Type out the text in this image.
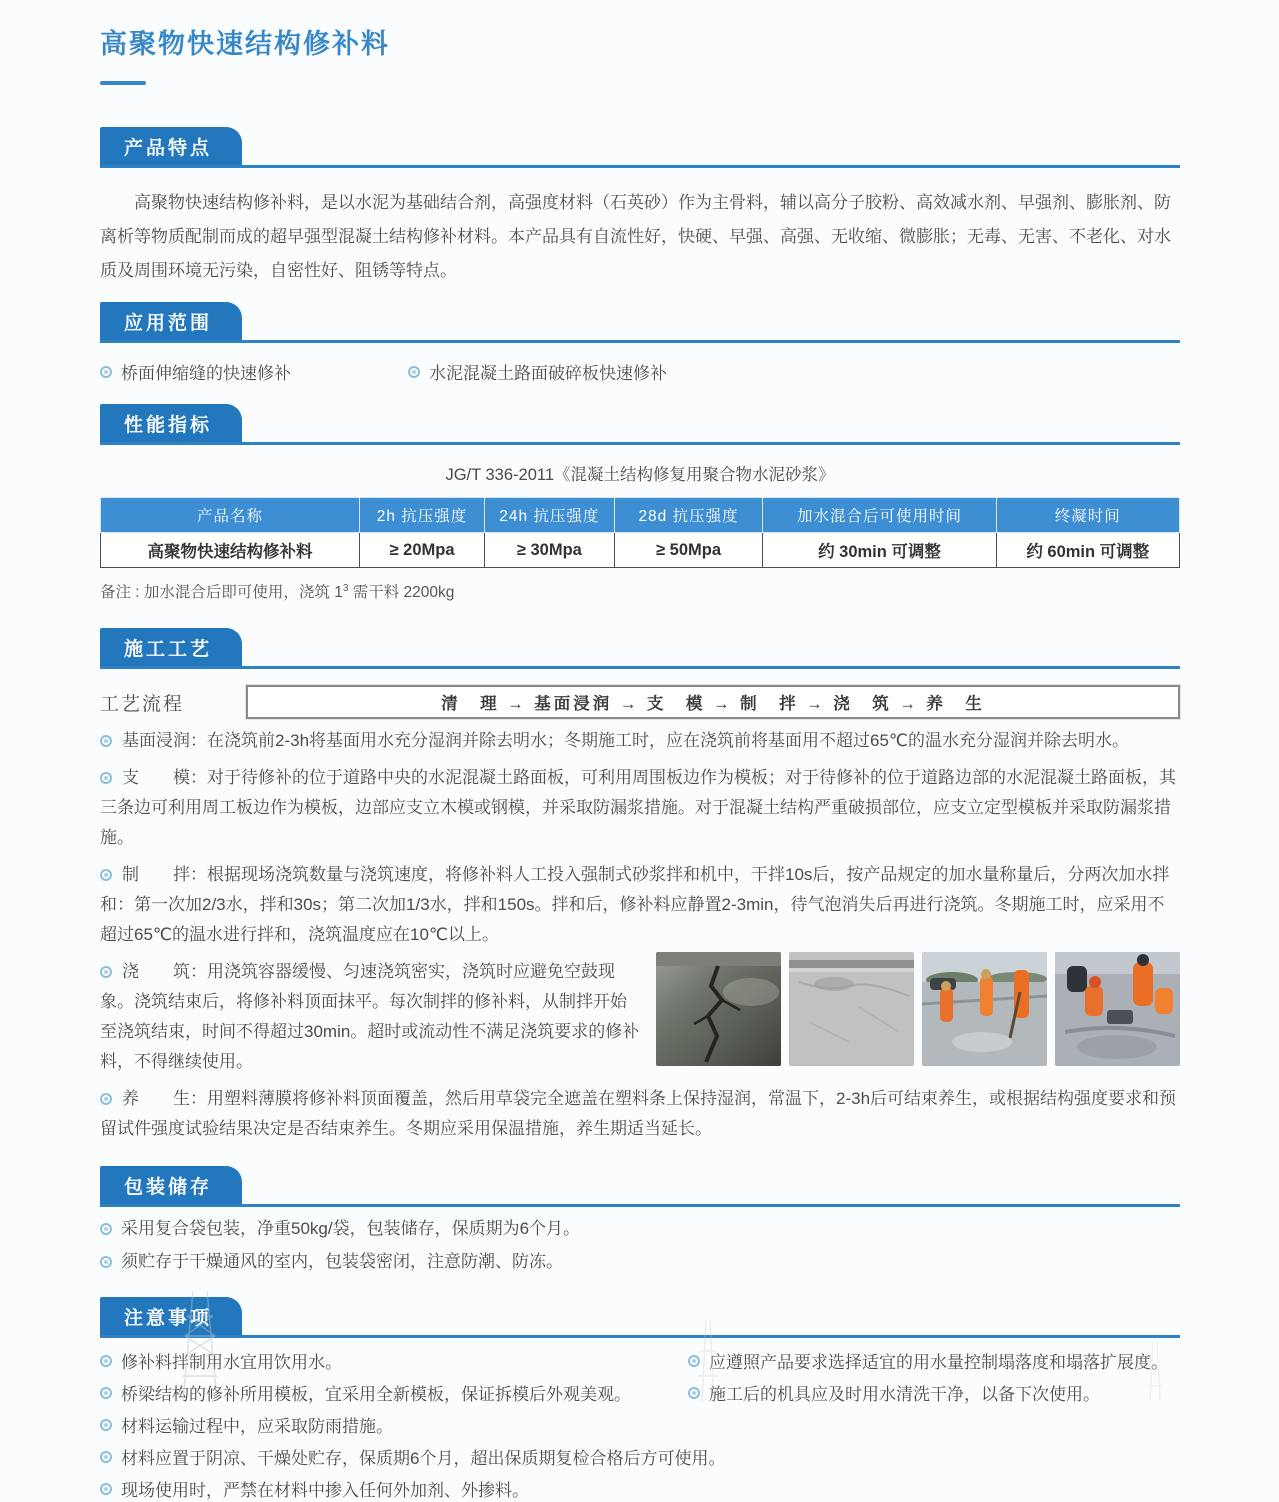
高聚物快速结构修补料
产品特点

高聚物快速结构修补料，是以水泥为基础结合剂，高强度材料（石英砂）作为主骨料，辅以高分子胶粉、高效减水剂、早强剂、膨胀剂、防离析等物质配制而成的超早强型混凝土结构修补材料。本产品具有自流性好，快硬、早强、高强、无收缩、微膨胀；无毒、无害、不老化、对水质及周围环境无污染，自密性好、阻锈等特点。

应用范围
桥面伸缩缝的快速修补	水泥混凝土路面破碎板快速修补
性能指标
JG/T 336-2011《混凝土结构修复用聚合物水泥砂浆》
产品名称	2h 抗压强度	24h 抗压强度	28d 抗压强度	加水混合后可使用时间	终凝时间
高聚物快速结构修补料	≥ 20Mpa	≥ 30Mpa	≥ 50Mpa	约 30min 可调整	约 60min 可调整
备注 : 加水混合后即可使用，浇筑 $1^3$ 需干料 2200kg
施工工艺
工艺流程	清　理 → 基面浸润 → 支　模 → 制　拌 → 浇　筑 → 养　生

基面浸润：在浇筑前2-3h将基面用水充分湿润并除去明水；冬期施工时，应在浇筑前将基面用不超过65℃的温水充分湿润并除去明水。

支　　模：对于待修补的位于道路中央的水泥混凝土路面板，可利用周围板边作为模板；对于待修补的位于道路边部的水泥混凝土路面板，其三条边可利用周工板边作为模板，边部应支立木模或钢模，并采取防漏浆措施。对于混凝土结构严重破损部位，应支立定型模板并采取防漏浆措施。

制　　拌：根据现场浇筑数量与浇筑速度，将修补料人工投入强制式砂浆拌和机中，干拌10s后，按产品规定的加水量称量后，分两次加水拌和：第一次加2/3水，拌和30s；第二次加1/3水，拌和150s。拌和后，修补料应静置2-3min，待气泡消失后再进行浇筑。冬期施工时，应采用不超过65℃的温水进行拌和，浇筑温度应在10℃以上。

浇　　筑：用浇筑容器缓慢、匀速浇筑密实，浇筑时应避免空鼓现象。浇筑结束后，将修补料顶面抹平。每次制拌的修补料，从制拌开始至浇筑结束，时间不得超过30min。超时或流动性不满足浇筑要求的修补料，不得继续使用。

养　　生：用塑料薄膜将修补料顶面覆盖，然后用草袋完全遮盖在塑料条上保持湿润，常温下，2-3h后可结束养生，或根据结构强度要求和预留试件强度试验结果决定是否结束养生。冬期应采用保温措施，养生期适当延长。

包装储存
采用复合袋包装，净重50kg/袋，包装储存，保质期为6个月。
须贮存于干燥通风的室内，包装袋密闭，注意防潮、防冻。
注意事项

修补料拌制用水宜用饮用水。

桥梁结构的修补所用模板，宜采用全新模板，保证拆模后外观美观。

材料运输过程中，应采取防雨措施。

材料应置于阴凉、干燥处贮存，保质期6个月，超出保质期复检合格后方可使用。

现场使用时，严禁在材料中掺入任何外加剂、外掺料。

应遵照产品要求选择适宜的用水量控制塌落度和塌落扩展度。

施工后的机具应及时用水清洗干净，以备下次使用。
